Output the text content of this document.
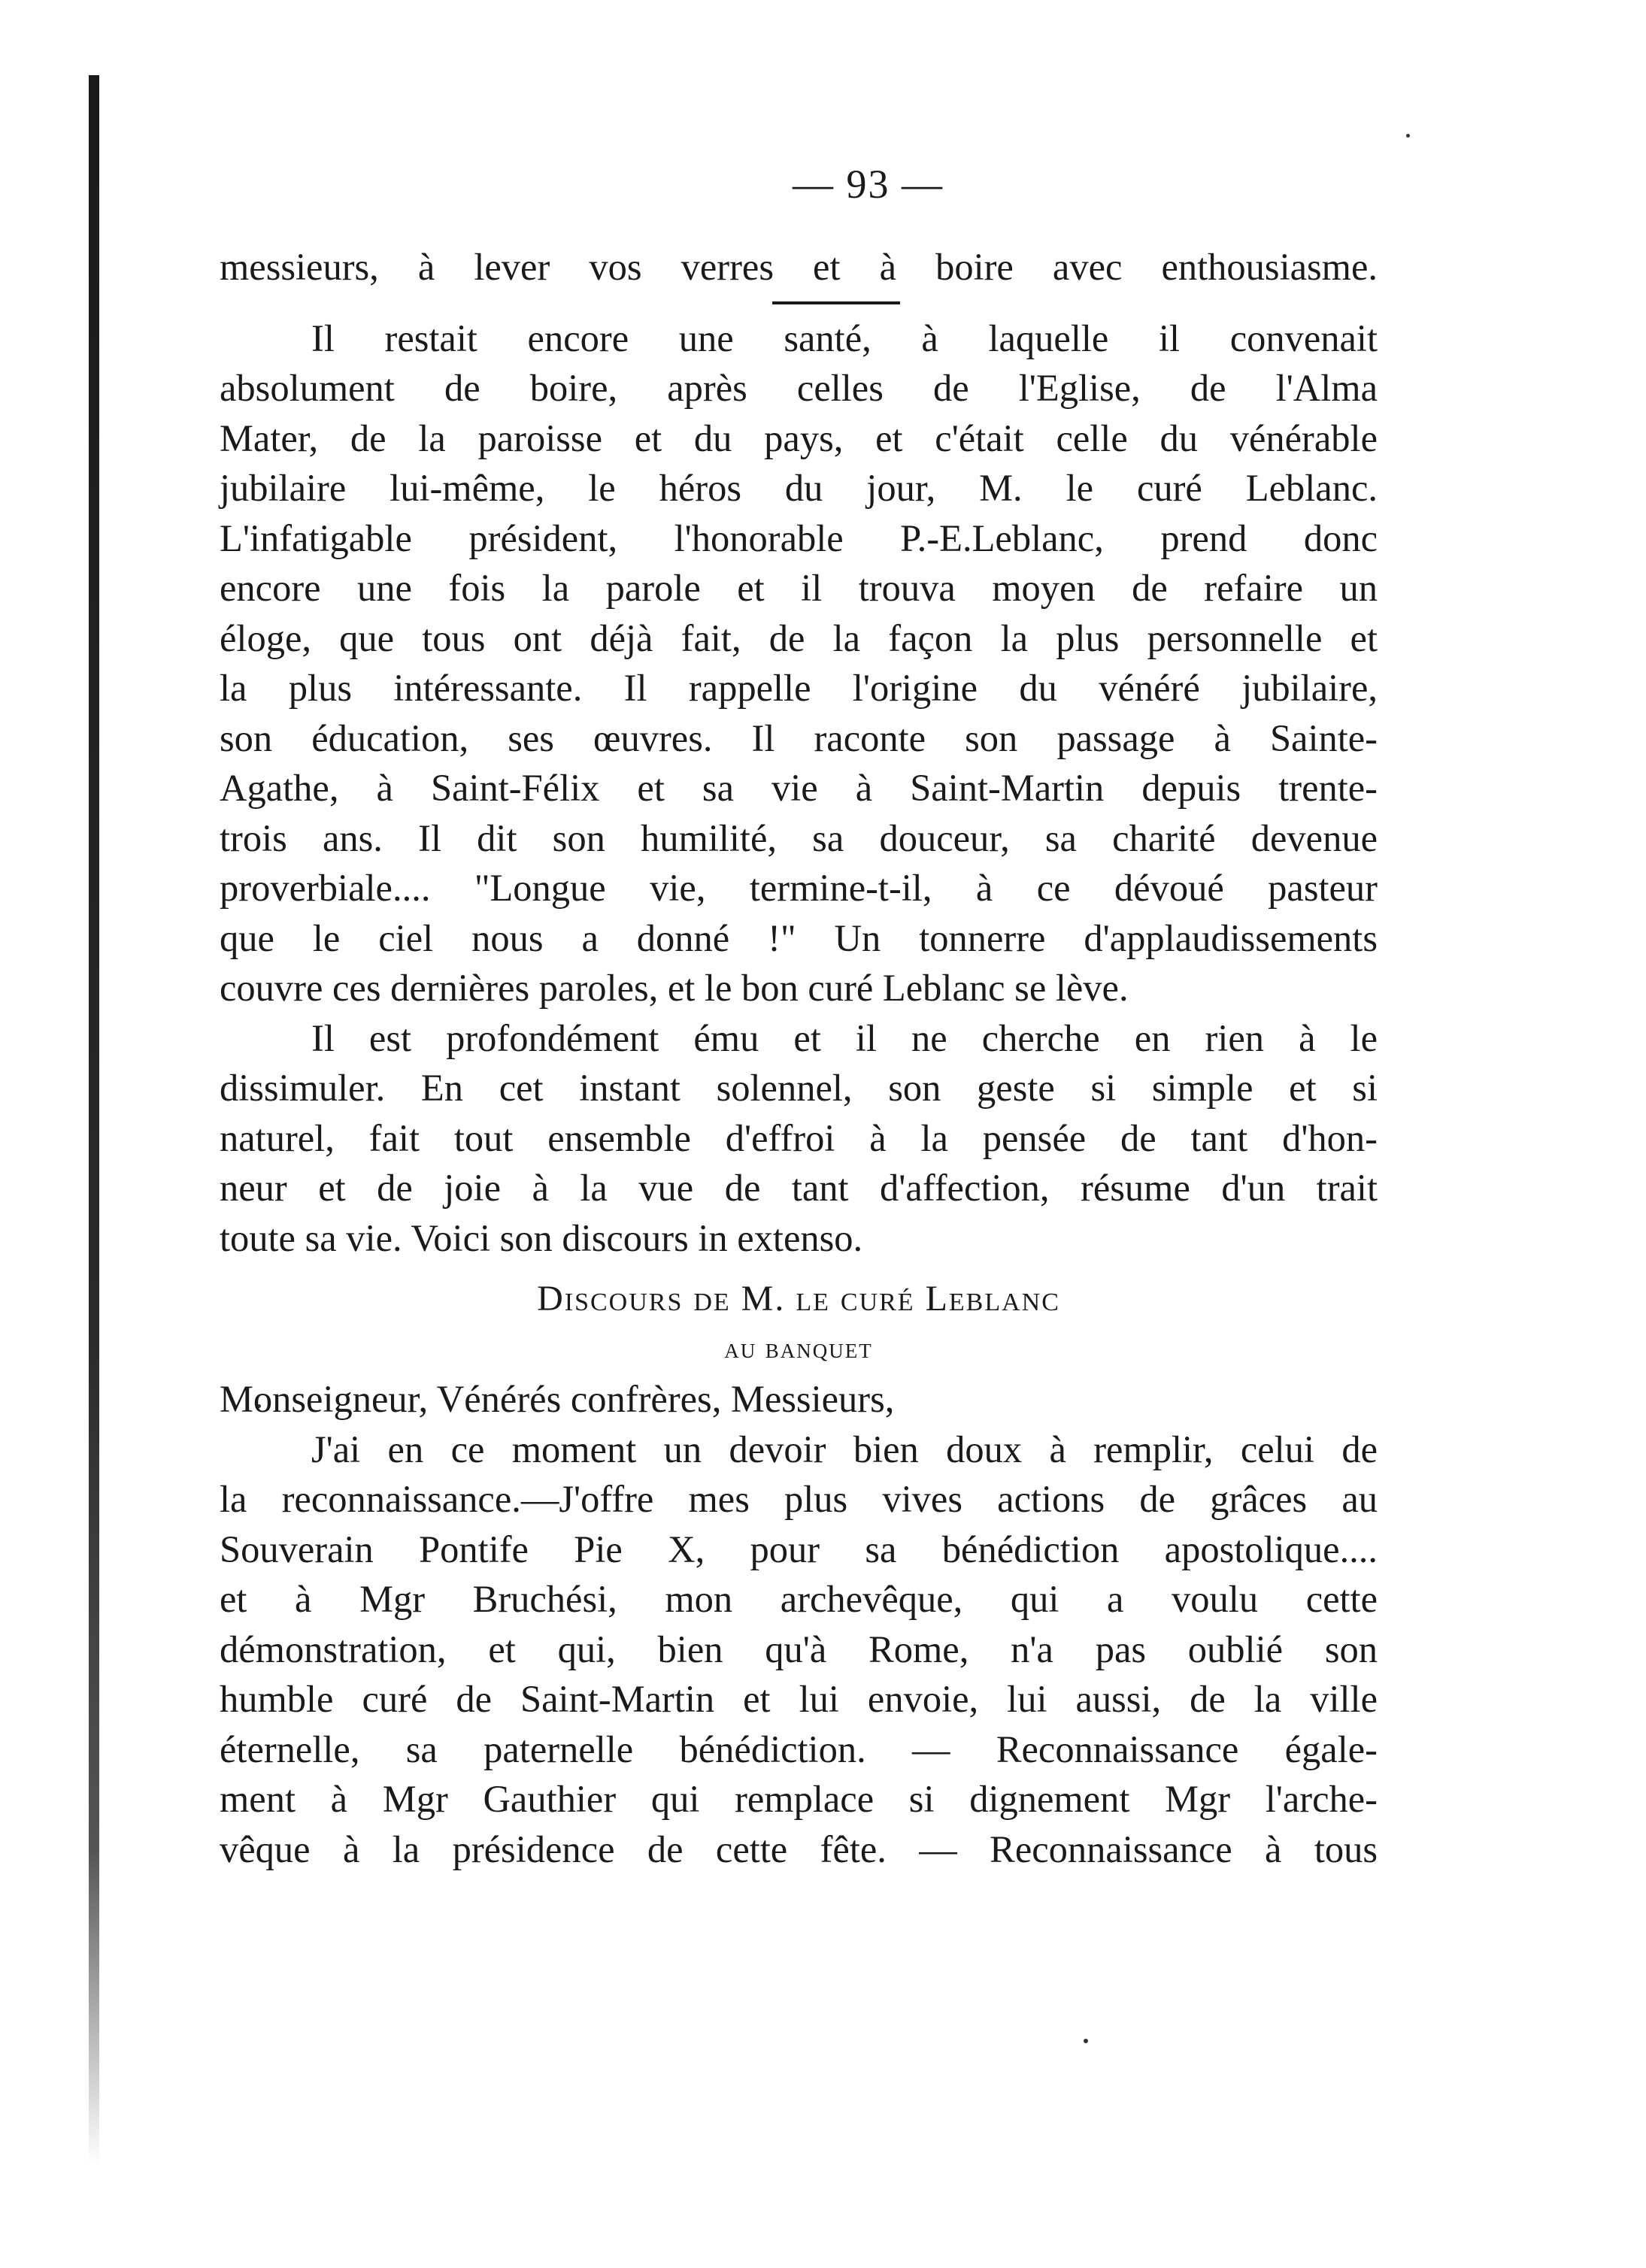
— 93 —
messieurs, à lever vos verres et à boire avec enthousiasme.
Il restait encore une santé, à laquelle il convenait
absolument de boire, après celles de l'Eglise, de l'Alma
Mater, de la paroisse et du pays, et c'était celle du vénérable
jubilaire lui-même, le héros du jour, M. le curé Leblanc.
L'infatigable président, l'honorable P.-E.Leblanc, prend donc
encore une fois la parole et il trouva moyen de refaire un
éloge, que tous ont déjà fait, de la façon la plus personnelle et
la plus intéressante. Il rappelle l'origine du vénéré jubilaire,
son éducation, ses œuvres. Il raconte son passage à Sainte-
Agathe, à Saint-Félix et sa vie à Saint-Martin depuis trente-
trois ans. Il dit son humilité, sa douceur, sa charité devenue
proverbiale.... "Longue vie, termine-t-il, à ce dévoué pasteur
que le ciel nous a donné !" Un tonnerre d'applaudissements
couvre ces dernières paroles, et le bon curé Leblanc se lève.
Il est profondément ému et il ne cherche en rien à le
dissimuler. En cet instant solennel, son geste si simple et si
naturel, fait tout ensemble d'effroi à la pensée de tant d'hon-
neur et de joie à la vue de tant d'affection, résume d'un trait
toute sa vie. Voici son discours in extenso.
Discours de M. le curé Leblanc
au banquet
Monseigneur, Vénérés confrères, Messieurs,
J'ai en ce moment un devoir bien doux à remplir, celui de
la reconnaissance.—J'offre mes plus vives actions de grâces au
Souverain Pontife Pie X, pour sa bénédiction apostolique....
et à Mgr Bruchési, mon archevêque, qui a voulu cette
démonstration, et qui, bien qu'à Rome, n'a pas oublié son
humble curé de Saint-Martin et lui envoie, lui aussi, de la ville
éternelle, sa paternelle bénédiction. — Reconnaissance égale-
ment à Mgr Gauthier qui remplace si dignement Mgr l'arche-
vêque à la présidence de cette fête. — Reconnaissance à tous
